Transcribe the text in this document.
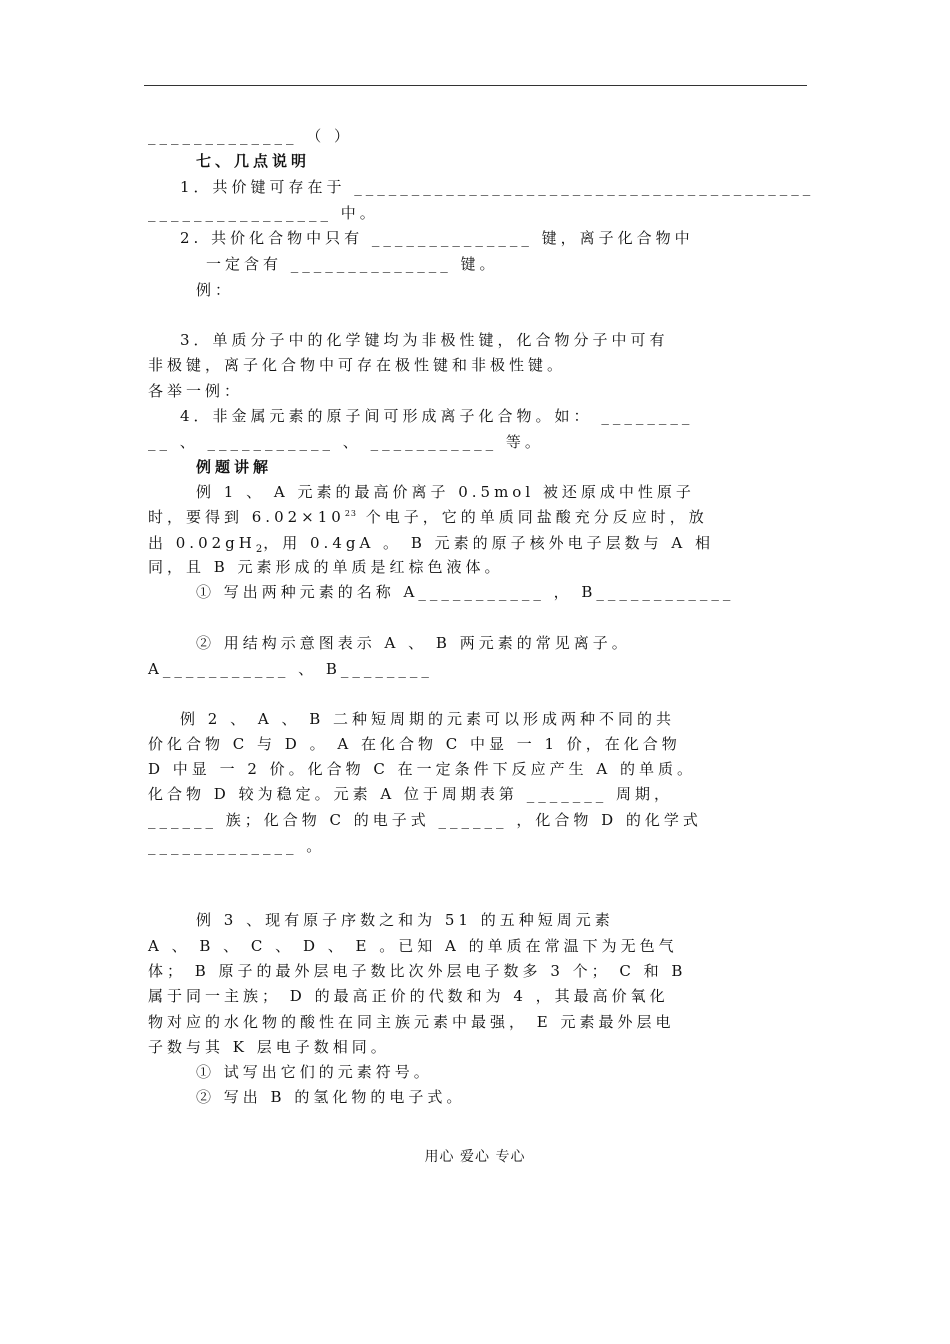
_____________ （ ）
七、几点说明
1．共价键可存在于 ________________________________________
________________ 中。
2. 共价化合物中只有 ______________ 键，离子化合物中
一定含有 ______________ 键。
例：
3．单质分子中的化学键均为非极性键，化合物分子中可有
非极键，离子化合物中可存在极性键和非极性键。
各举一例：
4．非金属元素的原子间可形成离子化合物。如： ________
__ 、 ___________ 、 ___________ 等。
例题讲解
例 1 、 A 元素的最高价离子 0.5mol 被还原成中性原子
时，要得到 $6.02\times 10^{23}$ 个电子，它的单质同盐酸充分反应时，放
出 $0.02gH_2$，用 0.4gA 。 B 元素的原子核外电子层数与 A 相
同，且 B 元素形成的单质是红棕色液体。
① 写出两种元素的名称 A___________ ， B____________
② 用结构示意图表示 A 、 B 两元素的常见离子。
A___________ 、 B________
例 2 、 A 、 B 二种短周期的元素可以形成两种不同的共
价化合物 C 与 D 。 A 在化合物 C 中显 一 1 价，在化合物
D 中显 一 2 价。化合物 C 在一定条件下反应产生 A 的单质。
化合物 D 较为稳定。元素 A 位于周期表第 _______ 周期，
______ 族；化合物 C 的电子式 ______ ，化合物 D 的化学式
_____________ 。
例 3 、现有原子序数之和为 51 的五种短周元素
A 、 B 、 C 、 D 、 E 。已知 A 的单质在常温下为无色气
体； B 原子的最外层电子数比次外层电子数多 3 个； C 和 B
属于同一主族； D 的最高正价的代数和为 4 ，其最高价氧化
物对应的水化物的酸性在同主族元素中最强， E 元素最外层电
子数与其 K 层电子数相同。
① 试写出它们的元素符号。
② 写出 B 的氢化物的电子式。
用心 爱心 专心
